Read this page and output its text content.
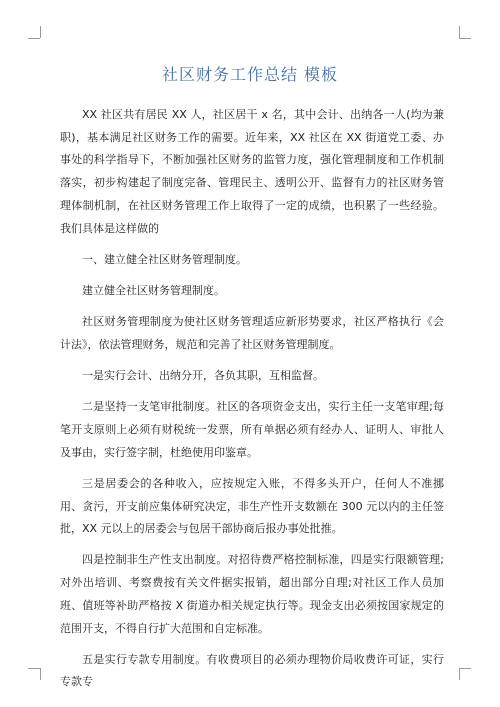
社区财务工作总结 模板

XX 社区共有居民 XX 人，社区居干 x 名，其中会计、出纳各一人(均为兼职)，基本满足社区财务工作的需要。近年来，XX 社区在 XX 街道党工委、办事处的科学指导下，不断加强社区财务的监管力度，强化管理制度和工作机制落实，初步构建起了制度完备、管理民主、透明公开、监督有力的社区财务管理体制机制，在社区财务管理工作上取得了一定的成绩，也积累了一些经验。我们具体是这样做的

一、建立健全社区财务管理制度。

建立健全社区财务管理制度。

社区财务管理制度为使社区财务管理适应新形势要求，社区严格执行《会计法》，依法管理财务，规范和完善了社区财务管理制度。

一是实行会计、出纳分开，各负其职，互相监督。

二是坚持一支笔审批制度。社区的各项资金支出，实行主任一支笔审理;每笔开支原则上必须有财税统一发票，所有单据必须有经办人、证明人、审批人及事由，实行签字制，杜绝使用印鉴章。

三是居委会的各种收入，应按规定入账，不得多头开户，任何人不准挪用、贪污，开支前应集体研究决定，非生产性开支数额在 300 元以内的主任签批，XX 元以上的居委会与包居干部协商后报办事处批推。

四是控制非生产性支出制度。对招待费严格控制标准，四是实行限额管理;对外出培训、考察费按有关文件据实报销，超出部分自理;对社区工作人员加班、值班等补助严格按 X 街道办相关规定执行等。现金支出必须按国家规定的范围开支，不得自行扩大范围和自定标准。

五是实行专款专用制度。有收费项目的必须办理物价局收费许可证，实行专款专
